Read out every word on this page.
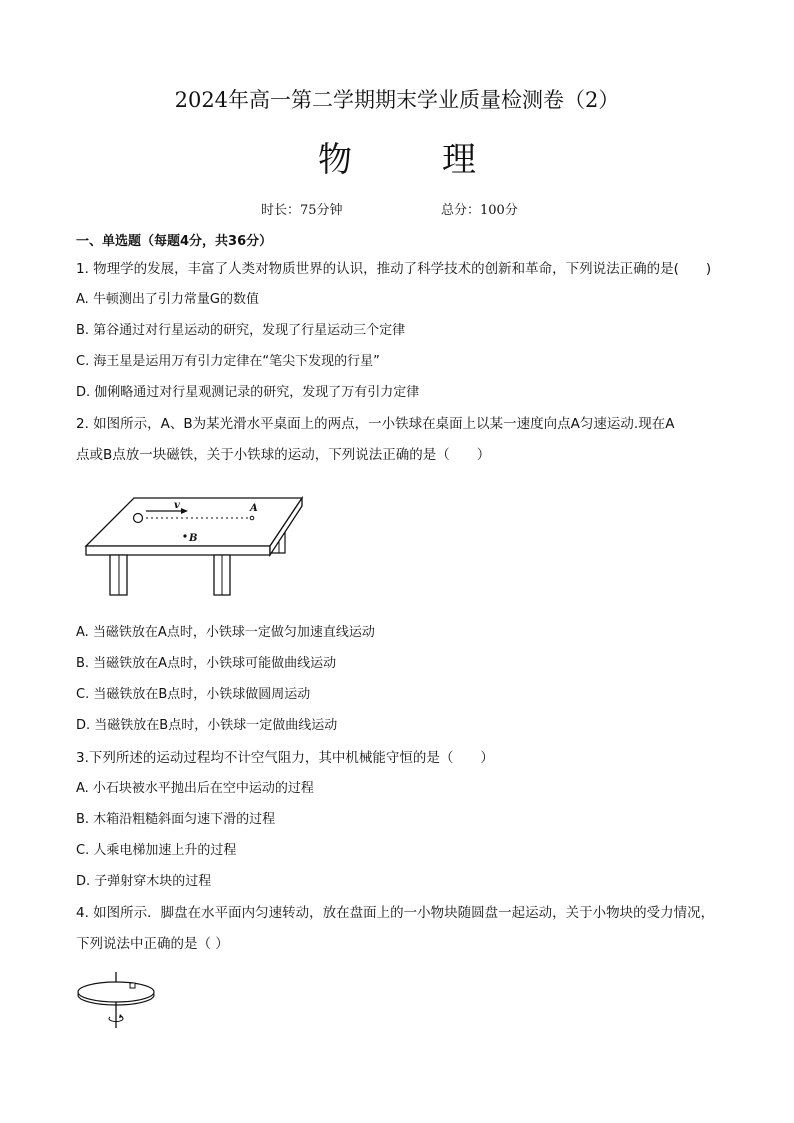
2024年高一第二学期期末学业质量检测卷（2）
物	理
时长：75分钟	总分：100分
一、单选题（每题4分，共36分）
1. 物理学的发展，丰富了人类对物质世界的认识，推动了科学技术的创新和革命，下列说法正确的是(　　)
A. 牛顿测出了引力常量G的数值
B. 第谷通过对行星运动的研究，发现了行星运动三个定律
C. 海王星是运用万有引力定律在“笔尖下发现的行星”
D. 伽俐略通过对行星观测记录的研究，发现了万有引力定律
2. 如图所示，A、B为某光滑水平桌面上的两点，一小铁球在桌面上以某一速度向点A匀速运动.现在A
点或B点放一块磁铁，关于小铁球的运动，下列说法正确的是（　　）
v	A
B
A. 当磁铁放在A点时，小铁球一定做匀加速直线运动
B. 当磁铁放在A点时，小铁球可能做曲线运动
C. 当磁铁放在B点时，小铁球做圆周运动
D. 当磁铁放在B点时，小铁球一定做曲线运动
3.下列所述的运动过程均不计空气阻力，其中机械能守恒的是（　　）
A. 小石块被水平抛出后在空中运动的过程
B. 木箱沿粗糙斜面匀速下滑的过程
C. 人乘电梯加速上升的过程
D. 子弹射穿木块的过程
4. 如图所示．脚盘在水平面内匀速转动，放在盘面上的一小物块随圆盘一起运动，关于小物块的受力情况，
下列说法中正确的是（ ）
